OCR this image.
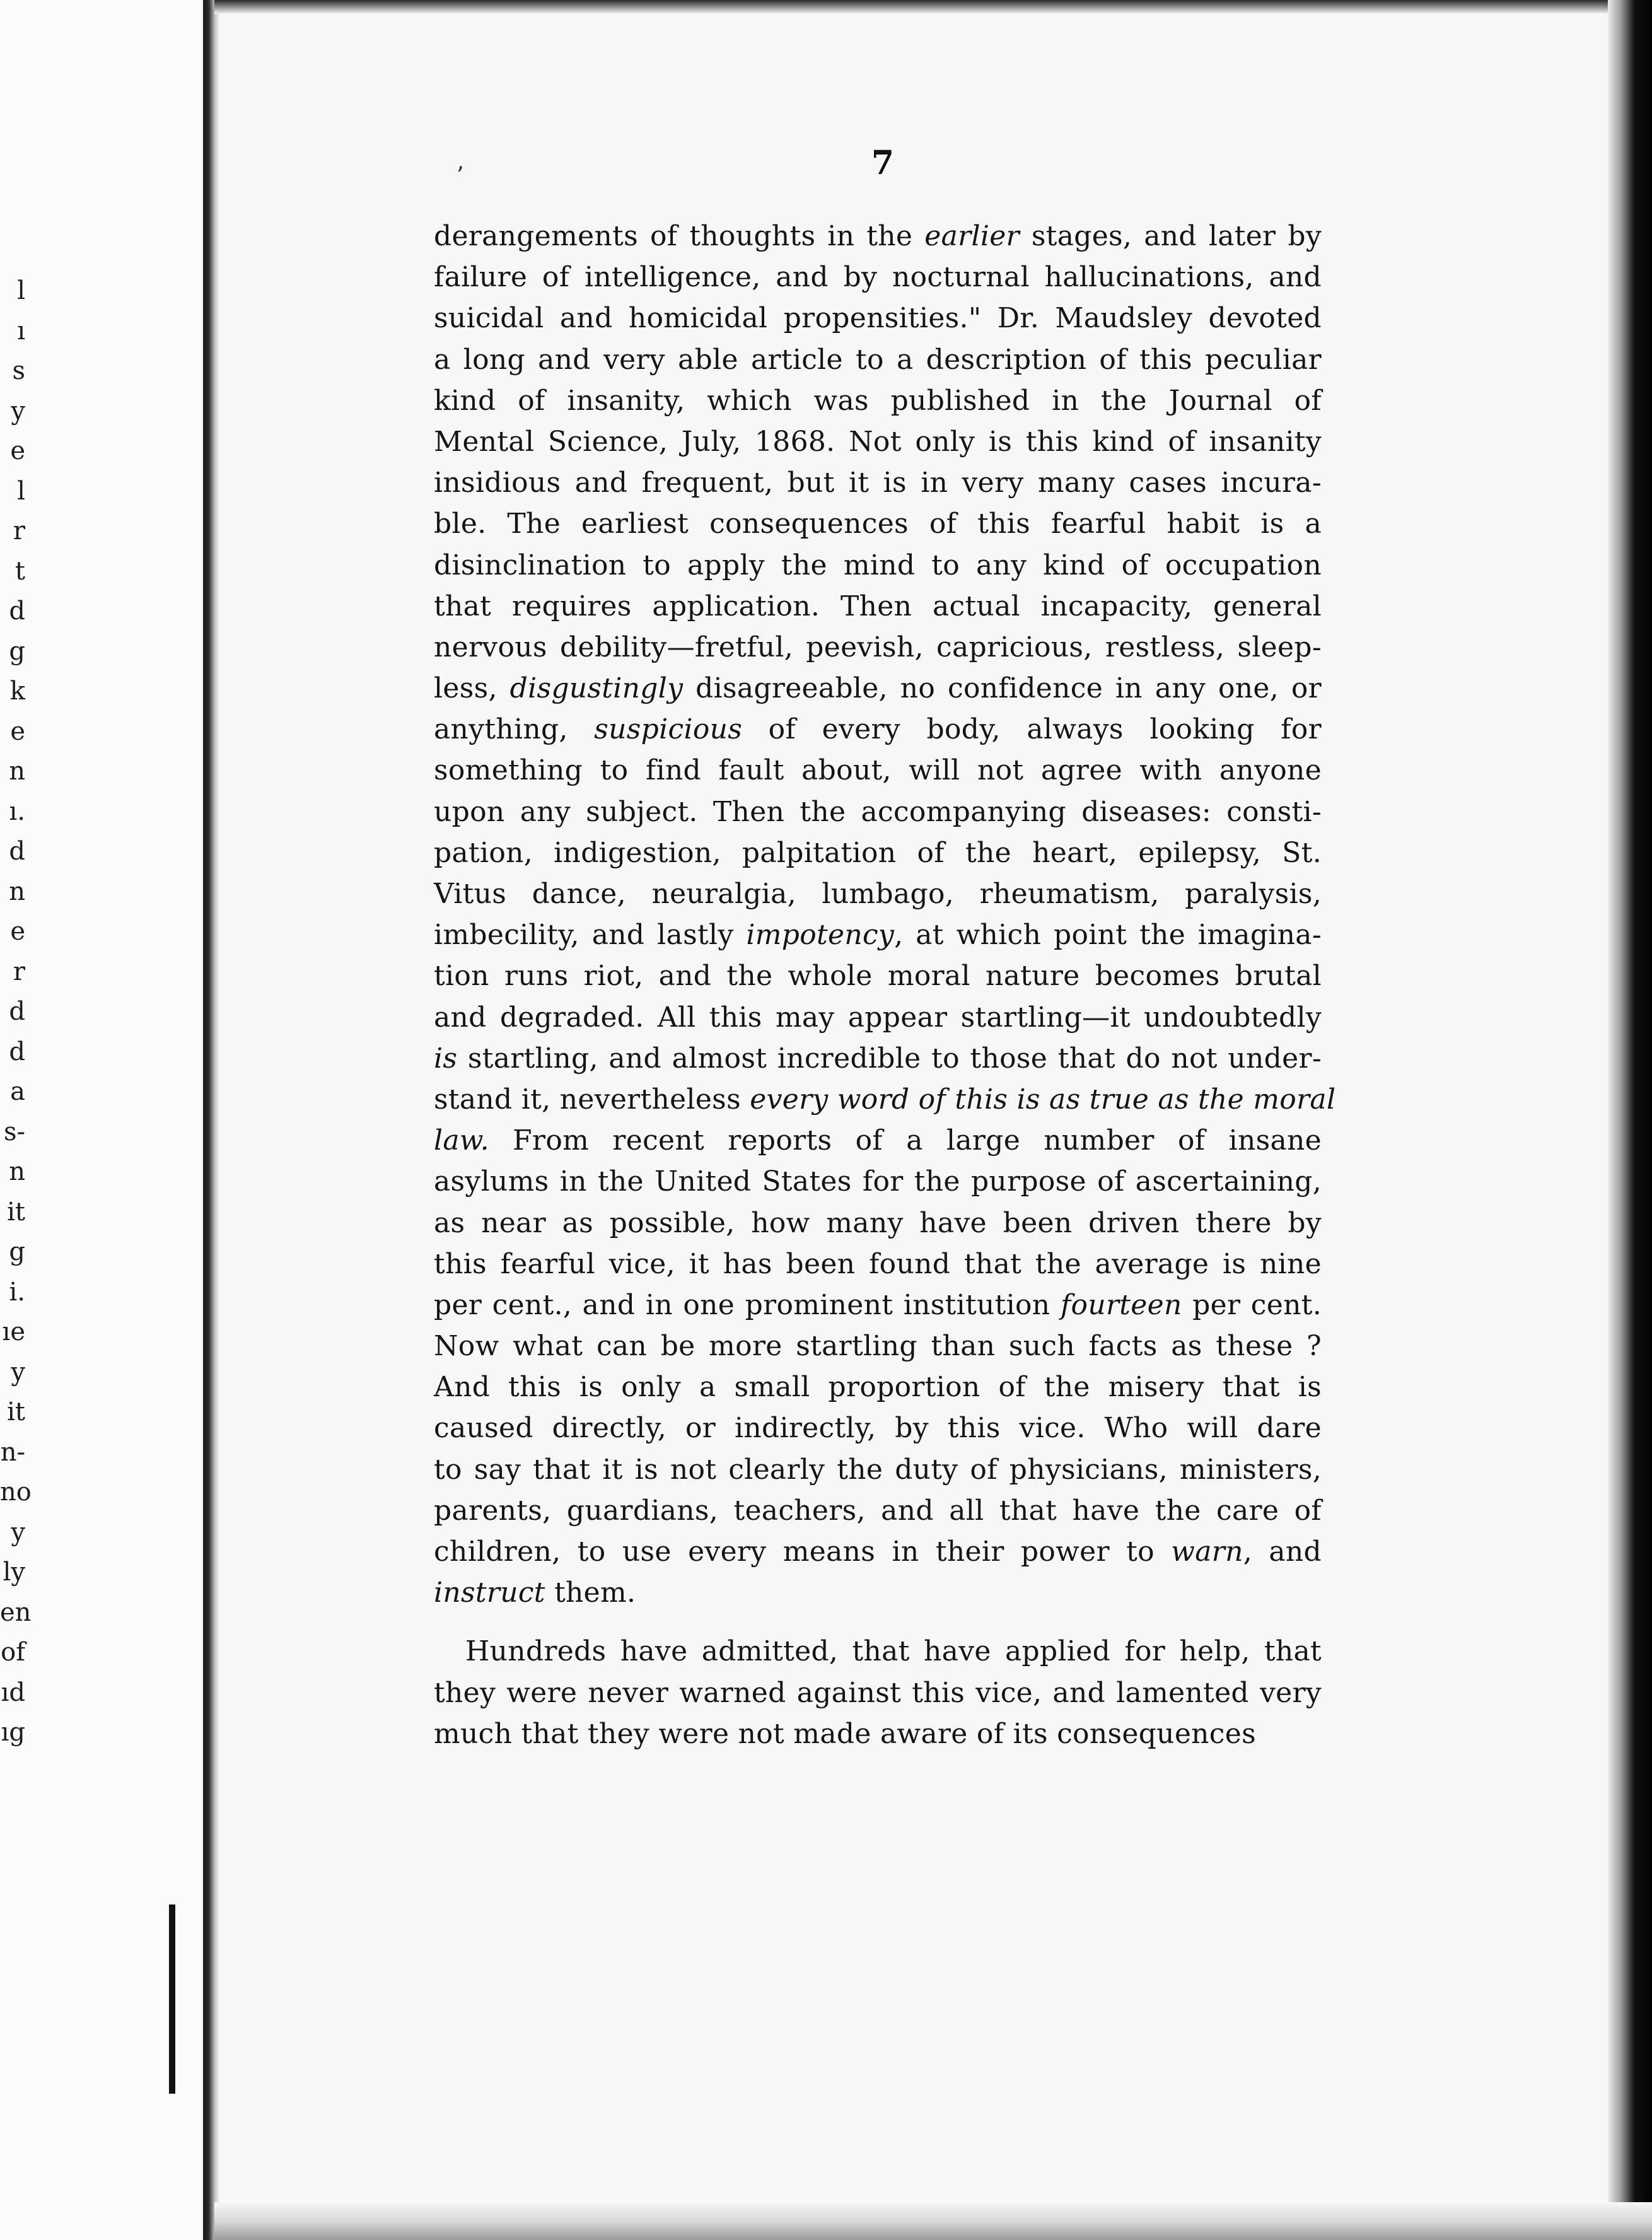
l
ı
s
y
e
l
r
t
d
g
k
e
n
ı.
d
n
e
r
d
d
a
s-
n
it
g
i.
ıe
y
it
n-
no
y
ly
en
of
ıd
ıg
’	7
derangements of thoughts in the earlier stages, and later by
failure of intelligence, and by nocturnal hallucinations, and
suicidal and homicidal propensities." Dr. Maudsley devoted
a long and very able article to a description of this peculiar
kind of insanity, which was published in the Journal of
Mental Science, July, 1868. Not only is this kind of insanity
insidious and frequent, but it is in very many cases incura-
ble. The earliest consequences of this fearful habit is a
disinclination to apply the mind to any kind of occupation
that requires application. Then actual incapacity, general
nervous debility—fretful, peevish, capricious, restless, sleep-
less, disgustingly disagreeable, no confidence in any one, or
anything, suspicious of every body, always looking for
something to find fault about, will not agree with anyone
upon any subject. Then the accompanying diseases: consti-
pation, indigestion, palpitation of the heart, epilepsy, St.
Vitus dance, neuralgia, lumbago, rheumatism, paralysis,
imbecility, and lastly impotency, at which point the imagina-
tion runs riot, and the whole moral nature becomes brutal
and degraded. All this may appear startling—it undoubtedly
is startling, and almost incredible to those that do not under-
stand it, nevertheless every word of this is as true as the moral
law. From recent reports of a large number of insane
asylums in the United States for the purpose of ascertaining,
as near as possible, how many have been driven there by
this fearful vice, it has been found that the average is nine
per cent., and in one prominent institution fourteen per cent.
Now what can be more startling than such facts as these ?
And this is only a small proportion of the misery that is
caused directly, or indirectly, by this vice. Who will dare
to say that it is not clearly the duty of physicians, ministers,
parents, guardians, teachers, and all that have the care of
children, to use every means in their power to warn, and
instruct them.
Hundreds have admitted, that have applied for help, that
they were never warned against this vice, and lamented very
much that they were not made aware of its consequences
